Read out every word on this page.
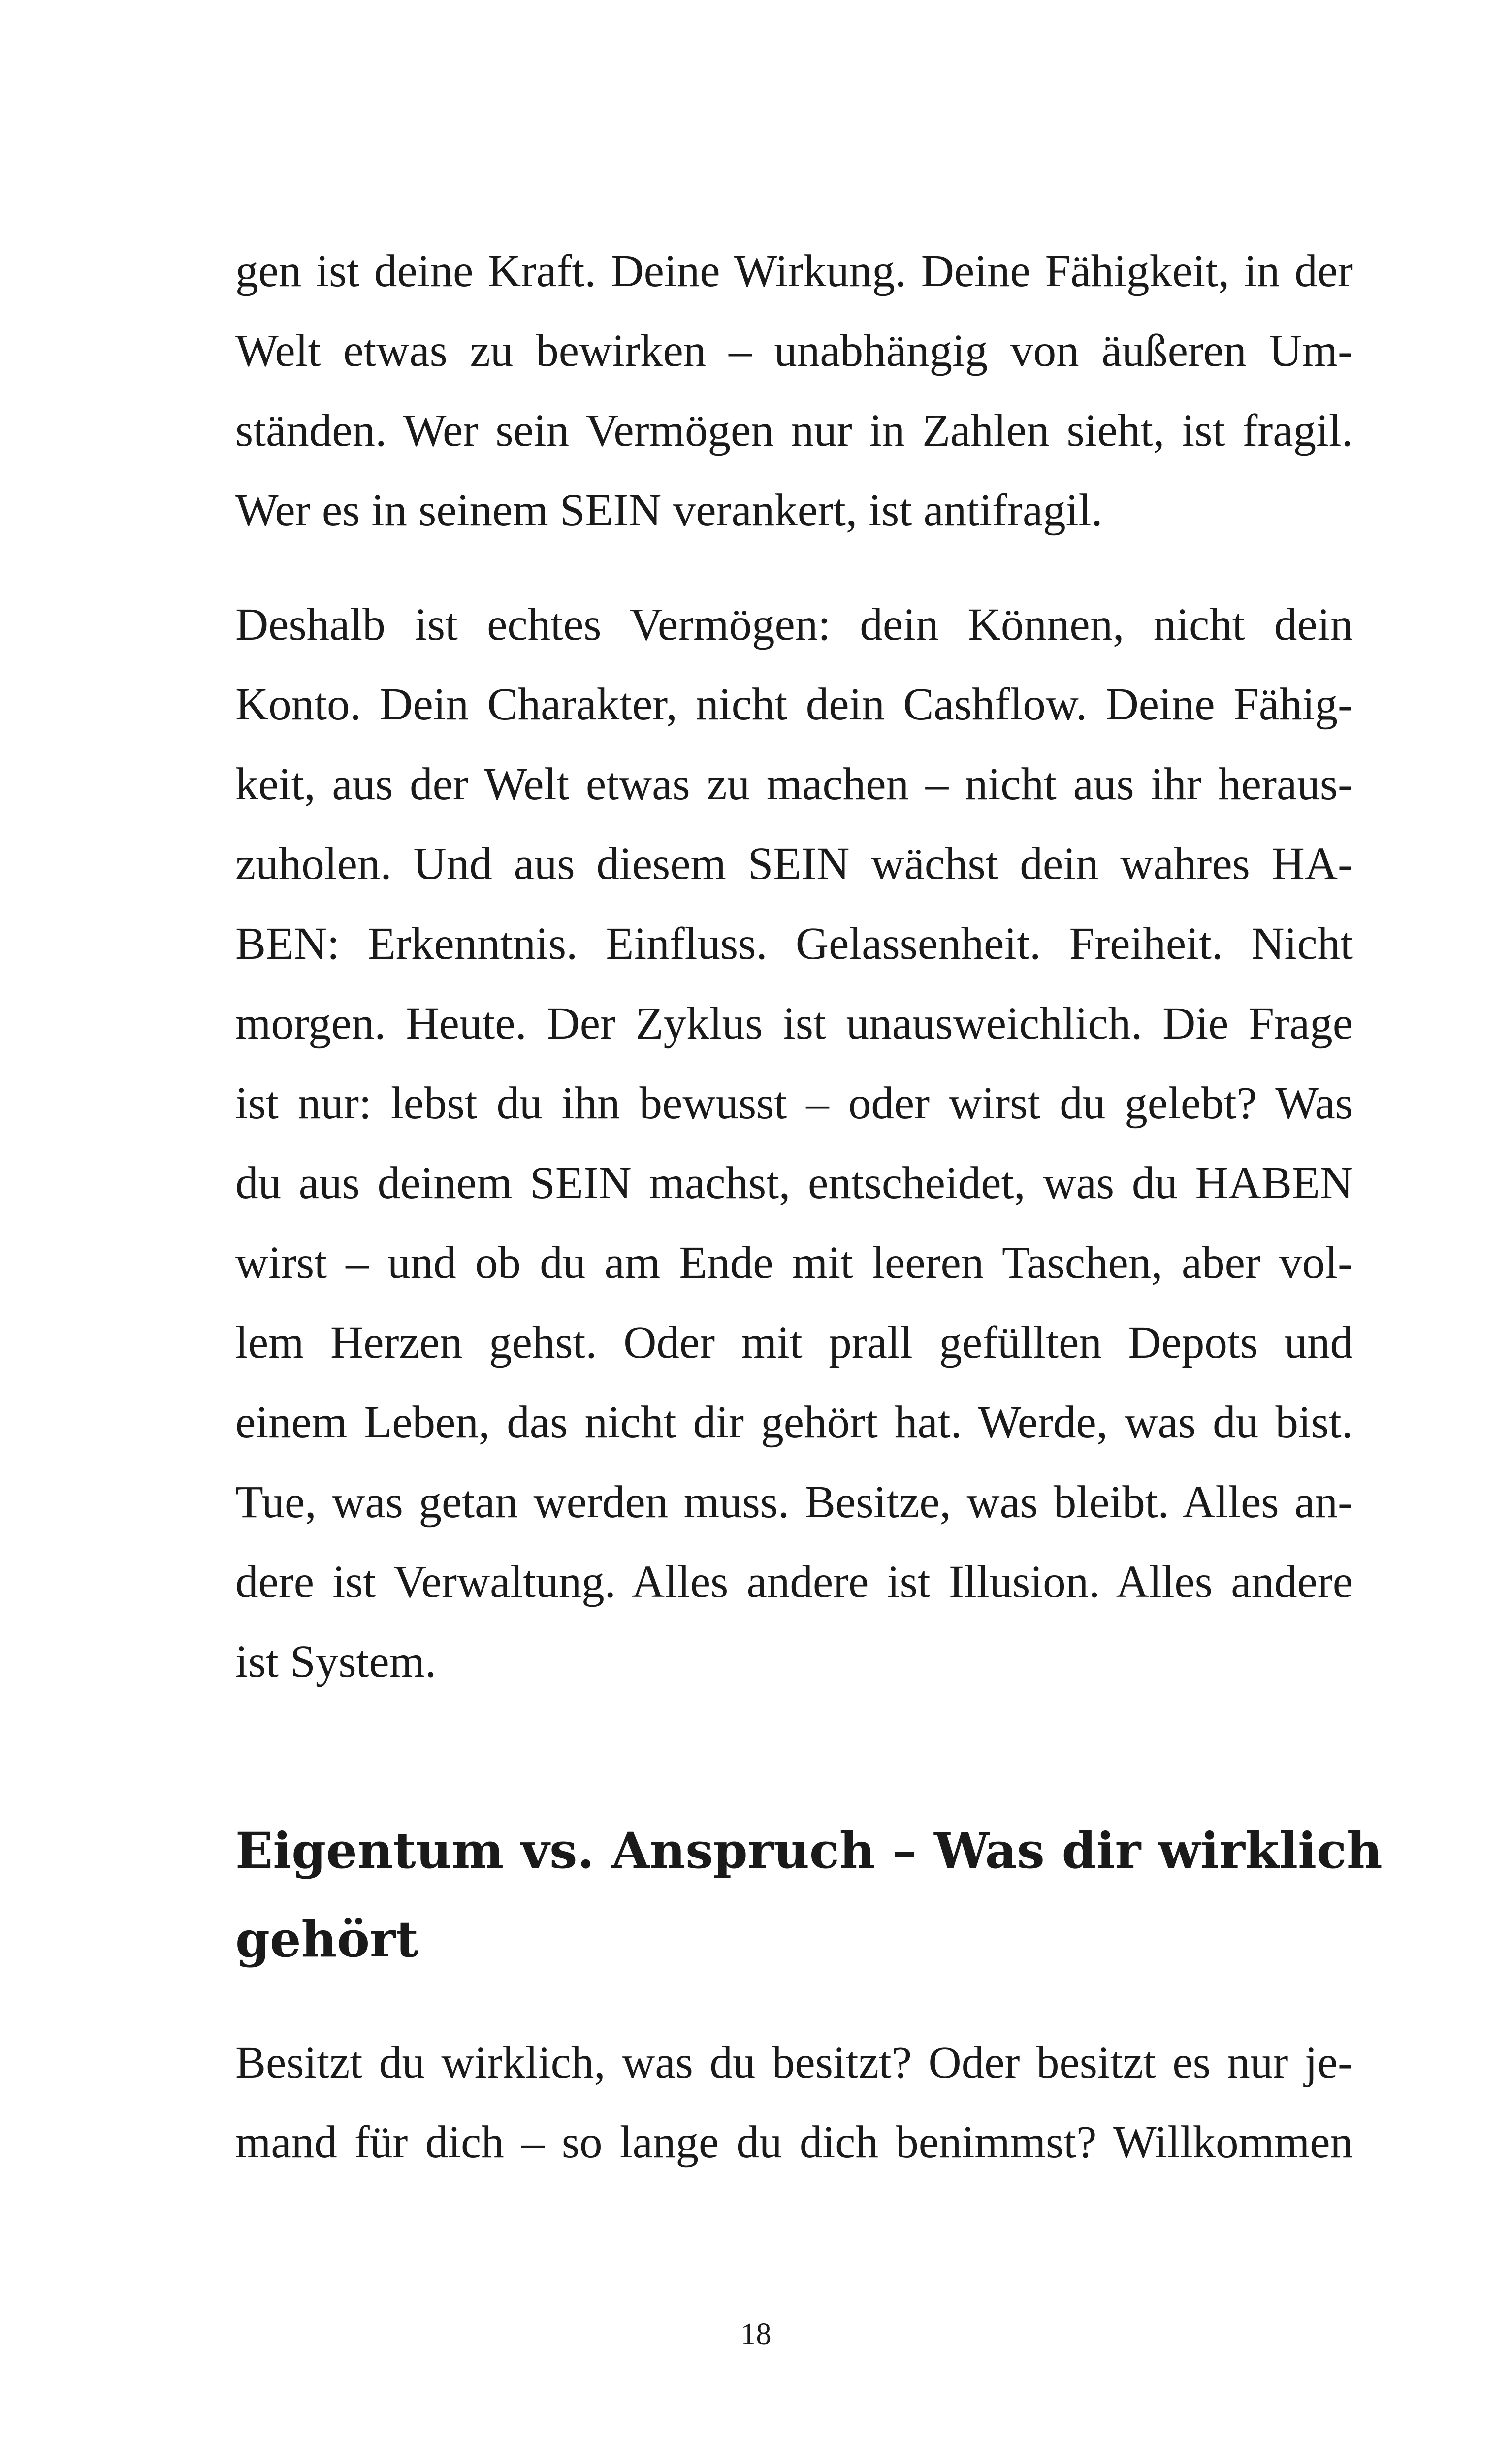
gen ist deine Kraft. Deine Wirkung. Deine Fähigkeit, in der
Welt etwas zu bewirken – unabhängig von äußeren Um-
ständen. Wer sein Vermögen nur in Zahlen sieht, ist fragil.
Wer es in seinem SEIN verankert, ist antifragil.
Deshalb ist echtes Vermögen: dein Können, nicht dein
Konto. Dein Charakter, nicht dein Cashflow. Deine Fähig-
keit, aus der Welt etwas zu machen – nicht aus ihr heraus-
zuholen. Und aus diesem SEIN wächst dein wahres HA-
BEN: Erkenntnis. Einfluss. Gelassenheit. Freiheit. Nicht
morgen. Heute. Der Zyklus ist unausweichlich. Die Frage
ist nur: lebst du ihn bewusst – oder wirst du gelebt? Was
du aus deinem SEIN machst, entscheidet, was du HABEN
wirst – und ob du am Ende mit leeren Taschen, aber vol-
lem Herzen gehst. Oder mit prall gefüllten Depots und
einem Leben, das nicht dir gehört hat. Werde, was du bist.
Tue, was getan werden muss. Besitze, was bleibt. Alles an-
dere ist Verwaltung. Alles andere ist Illusion. Alles andere
ist System.
Eigentum vs. Anspruch – Was dir wirklich
gehört
Besitzt du wirklich, was du besitzt? Oder besitzt es nur je-
mand für dich – so lange du dich benimmst? Willkommen
18
